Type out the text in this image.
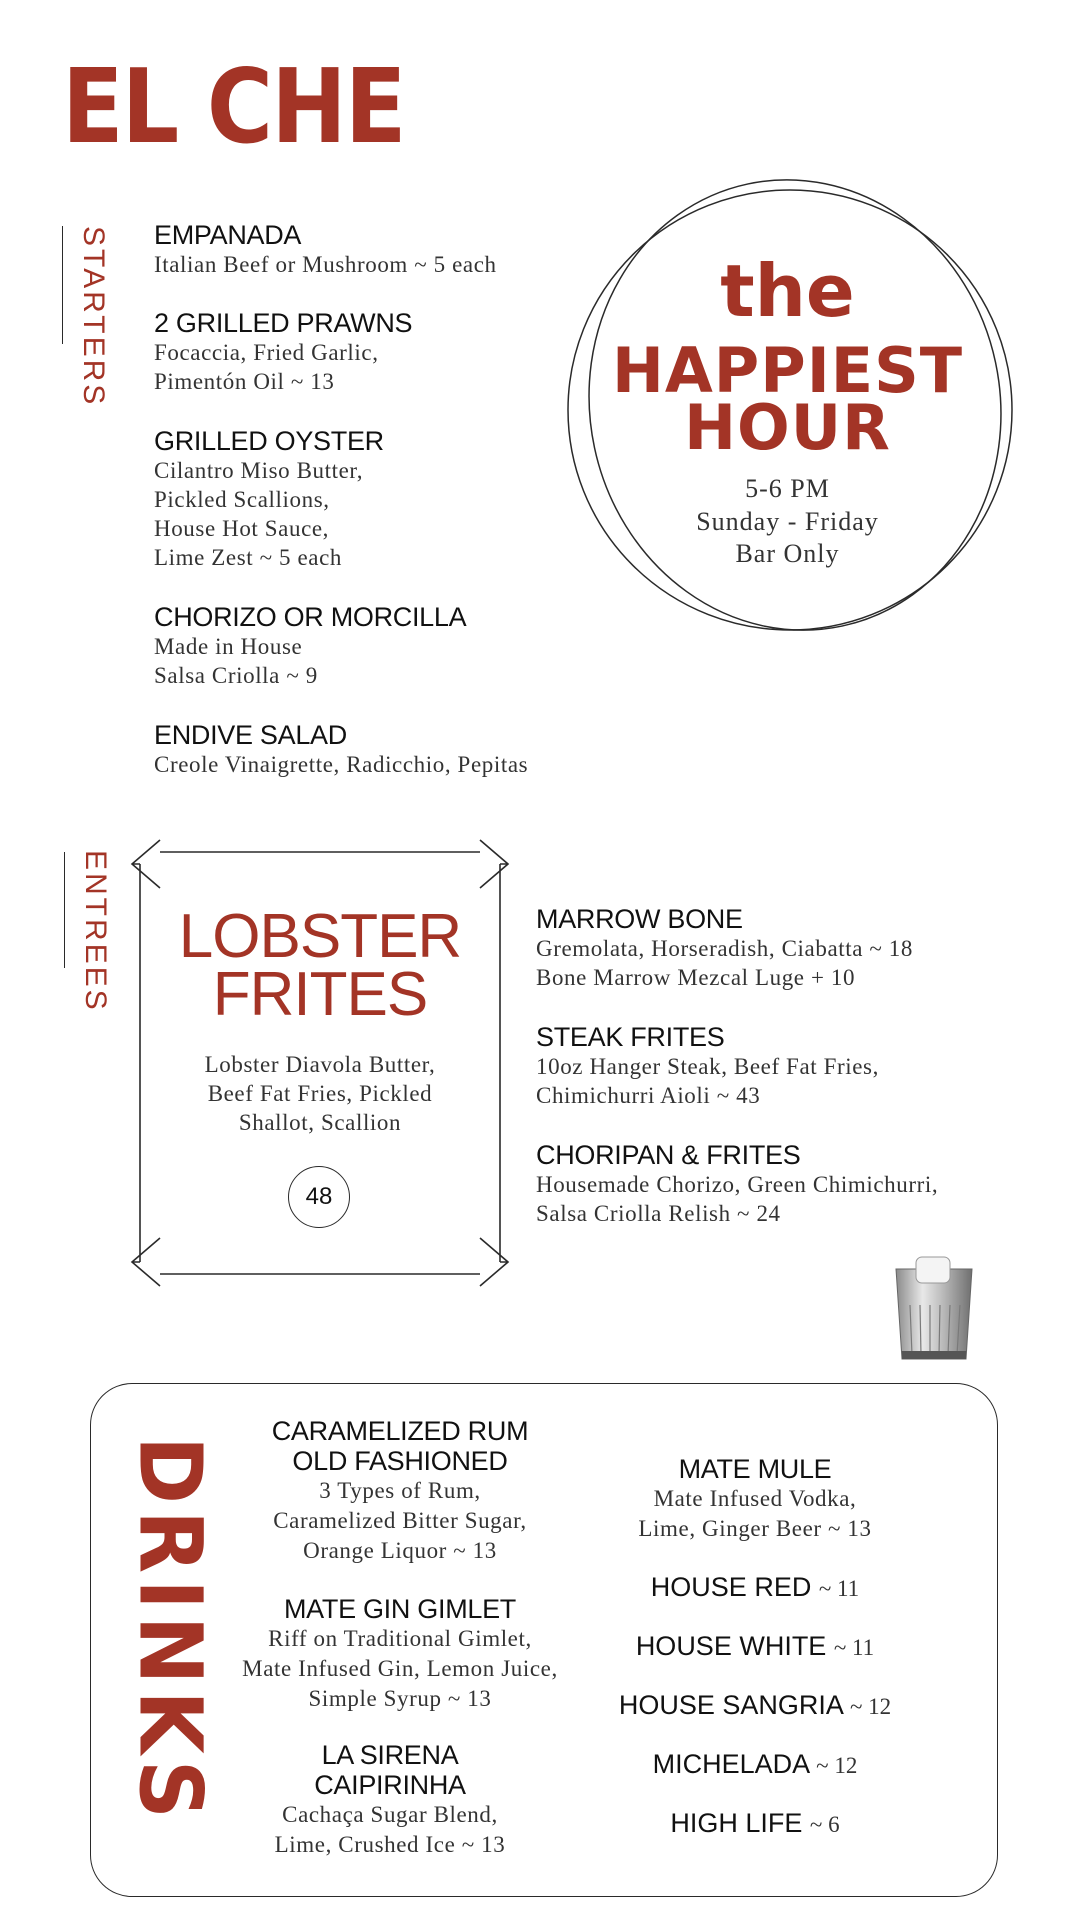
EL CHE
STARTERS EMPANADA
Italian Beef or Mushroom ~ 5 each
2 GRILLED PRAWNS
Focaccia, Fried Garlic,
Pimentón Oil ~ 13
GRILLED OYSTER
Cilantro Miso Butter,
Pickled Scallions,
House Hot Sauce,
Lime Zest ~ 5 each
CHORIZO OR MORCILLA
Made in House
Salsa Criolla ~ 9
ENDIVE SALAD
Creole Vinaigrette, Radicchio, Pepitas
the
HAPPIEST
HOUR
5-6 PM
Sunday - Friday
Bar Only
ENTREES	LOBSTER
FRITES
Lobster Diavola Butter,
Beef Fat Fries, Pickled
Shallot, Scallion
48
MARROW BONE
Gremolata, Horseradish, Ciabatta ~ 18
Bone Marrow Mezcal Luge + 10
STEAK FRITES
10oz Hanger Steak, Beef Fat Fries,
Chimichurri Aioli ~ 43
CHORIPAN & FRITES
Housemade Chorizo, Green Chimichurri,
Salsa Criolla Relish ~ 24
DRINKS
CARAMELIZED RUM
OLD FASHIONED
3 Types of Rum,
Caramelized Bitter Sugar,
Orange Liquor ~ 13
MATE GIN GIMLET
Riff on Traditional Gimlet,
Mate Infused Gin, Lemon Juice,
Simple Syrup ~ 13
LA SIRENA
CAIPIRINHA
Cachaça Sugar Blend,
Lime, Crushed Ice ~ 13
MATE MULE
Mate Infused Vodka,
Lime, Ginger Beer ~ 13
HOUSE RED ~ 11
HOUSE WHITE ~ 11
HOUSE SANGRIA ~ 12
MICHELADA ~ 12
HIGH LIFE ~ 6
